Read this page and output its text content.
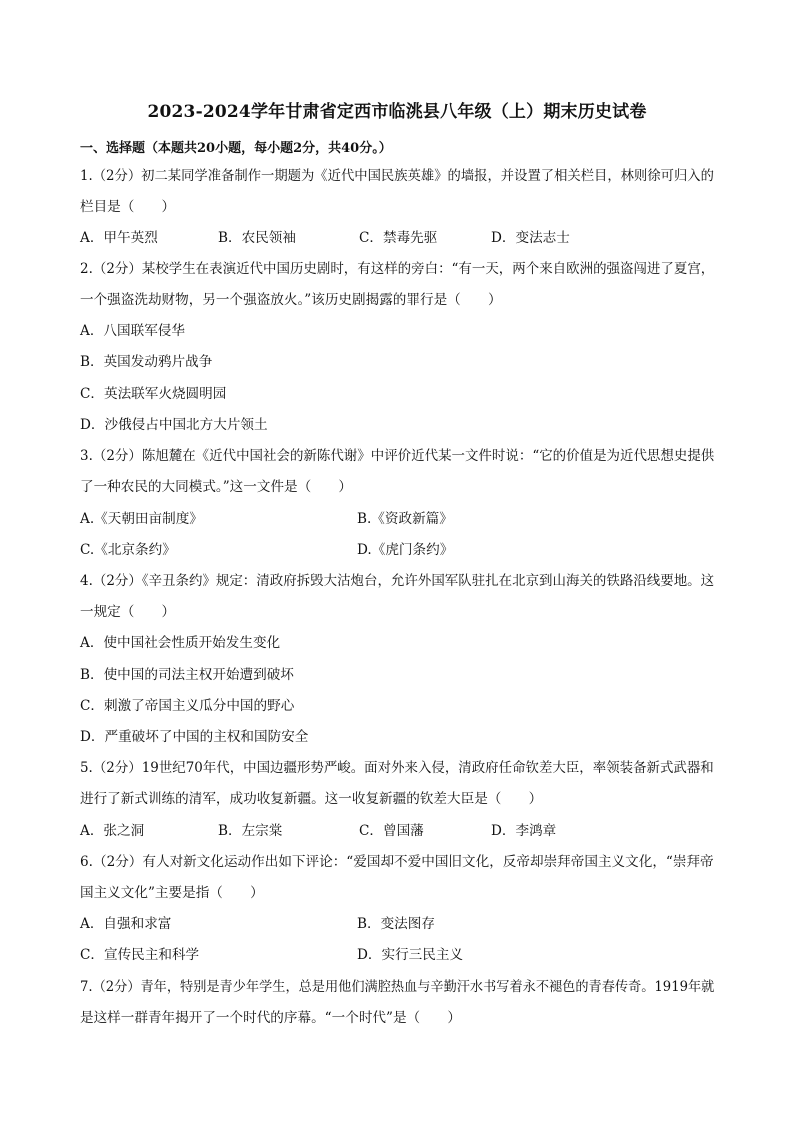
2023-2024学年甘肃省定西市临洮县八年级（上）期末历史试卷
一、选择题（本题共20小题，每小题2分，共40分。）
1.（2分）初二某同学准备制作一期题为《近代中国民族英雄》的墙报，并设置了相关栏目，林则徐可归入的
栏目是（　　）
A．甲午英烈	B．农民领袖	C．禁毒先驱	D．变法志士
2.（2分）某校学生在表演近代中国历史剧时，有这样的旁白：“有一天，两个来自欧洲的强盗闯进了夏宫，
一个强盗洗劫财物，另一个强盗放火。”该历史剧揭露的罪行是（　　）
A．八国联军侵华
B．英国发动鸦片战争
C．英法联军火烧圆明园
D．沙俄侵占中国北方大片领土
3.（2分）陈旭麓在《近代中国社会的新陈代谢》中评价近代某一文件时说：“它的价值是为近代思想史提供
了一种农民的大同模式。”这一文件是（　　）
A.《天朝田亩制度》	B.《资政新篇》
C.《北京条约》	D.《虎门条约》
4.（2分）《辛丑条约》规定：清政府拆毁大沽炮台，允许外国军队驻扎在北京到山海关的铁路沿线要地。这
一规定（　　）
A．使中国社会性质开始发生变化
B．使中国的司法主权开始遭到破坏
C．刺激了帝国主义瓜分中国的野心
D．严重破坏了中国的主权和国防安全
5.（2分）19世纪70年代，中国边疆形势严峻。面对外来入侵，清政府任命钦差大臣，率领装备新式武器和
进行了新式训练的清军，成功收复新疆。这一收复新疆的钦差大臣是（　　）
A．张之洞	B．左宗棠	C．曾国藩	D．李鸿章
6.（2分）有人对新文化运动作出如下评论：“爱国却不爱中国旧文化，反帝却崇拜帝国主义文化，“崇拜帝
国主义文化”主要是指（　　）
A．自强和求富	B．变法图存
C．宣传民主和科学	D．实行三民主义
7.（2分）青年，特别是青少年学生，总是用他们满腔热血与辛勤汗水书写着永不褪色的青春传奇。1919年就
是这样一群青年揭开了一个时代的序幕。“一个时代”是（　　）
